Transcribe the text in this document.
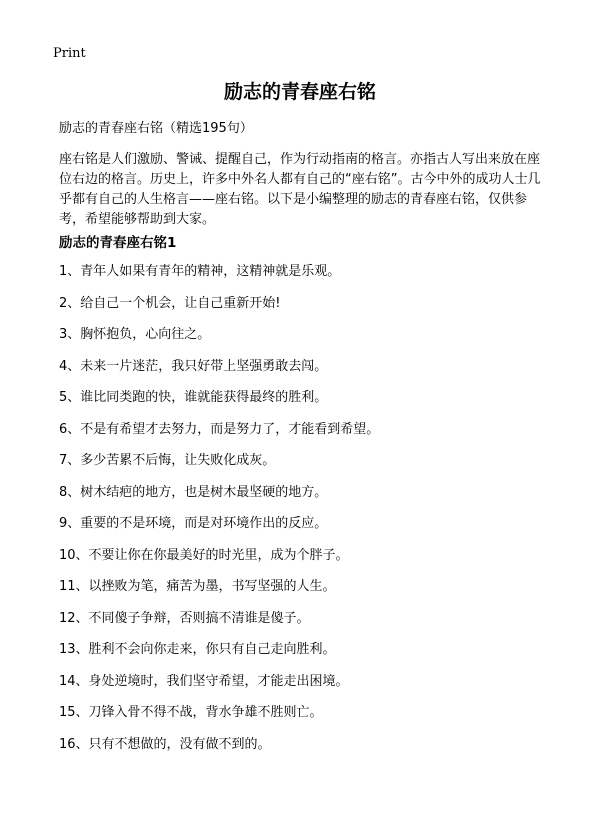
Print
励志的青春座右铭

励志的青春座右铭（精选195句）

座右铭是人们激励、警诫、提醒自己，作为行动指南的格言。亦指古人写出来放在座位右边的格言。历史上，许多中外名人都有自己的“座右铭”。古今中外的成功人士几乎都有自己的人生格言——座右铭。以下是小编整理的励志的青春座右铭，仅供参考，希望能够帮助到大家。

励志的青春座右铭1
1、青年人如果有青年的精神，这精神就是乐观。
2、给自己一个机会，让自己重新开始!
3、胸怀抱负，心向往之。
4、未来一片迷茫，我只好带上坚强勇敢去闯。
5、谁比同类跑的快，谁就能获得最终的胜利。
6、不是有希望才去努力，而是努力了，才能看到希望。
7、多少苦累不后悔，让失败化成灰。
8、树木结疤的地方，也是树木最坚硬的地方。
9、重要的不是环境，而是对环境作出的反应。
10、不要让你在你最美好的时光里，成为个胖子。
11、以挫败为笔，痛苦为墨，书写坚强的人生。
12、不同傻子争辩，否则搞不清谁是傻子。
13、胜利不会向你走来，你只有自己走向胜利。
14、身处逆境时，我们坚守希望，才能走出困境。
15、刀锋入骨不得不战，背水争雄不胜则亡。
16、只有不想做的，没有做不到的。
